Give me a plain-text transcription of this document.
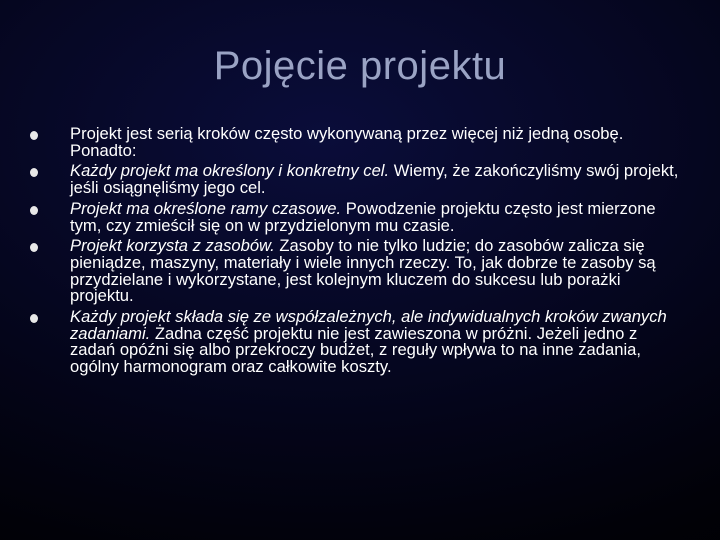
Pojęcie projektu
Projekt jest serią kroków często wykonywaną przez więcej niż jedną osobę. Ponadto:
Każdy projekt ma określony i konkretny cel. Wiemy, że zakończyliśmy swój projekt, jeśli osiągnęliśmy jego cel.
Projekt ma określone ramy czasowe. Powodzenie projektu często jest mierzone tym, czy zmieścił się on w przydzielonym mu czasie.
Projekt korzysta z zasobów. Zasoby to nie tylko ludzie; do zasobów zalicza się pieniądze, maszyny, materiały i wiele innych rzeczy. To, jak dobrze te zasoby są przydzielane i wykorzystane, jest kolejnym kluczem do sukcesu lub porażki projektu.
Każdy projekt składa się ze współzależnych, ale indywidualnych kroków zwanych zadaniami. Żadna część projektu nie jest zawieszona w próżni. Jeżeli jedno z zadań opóźni się albo przekroczy budżet, z reguły wpływa to na inne zadania, ogólny harmonogram oraz całkowite koszty.
